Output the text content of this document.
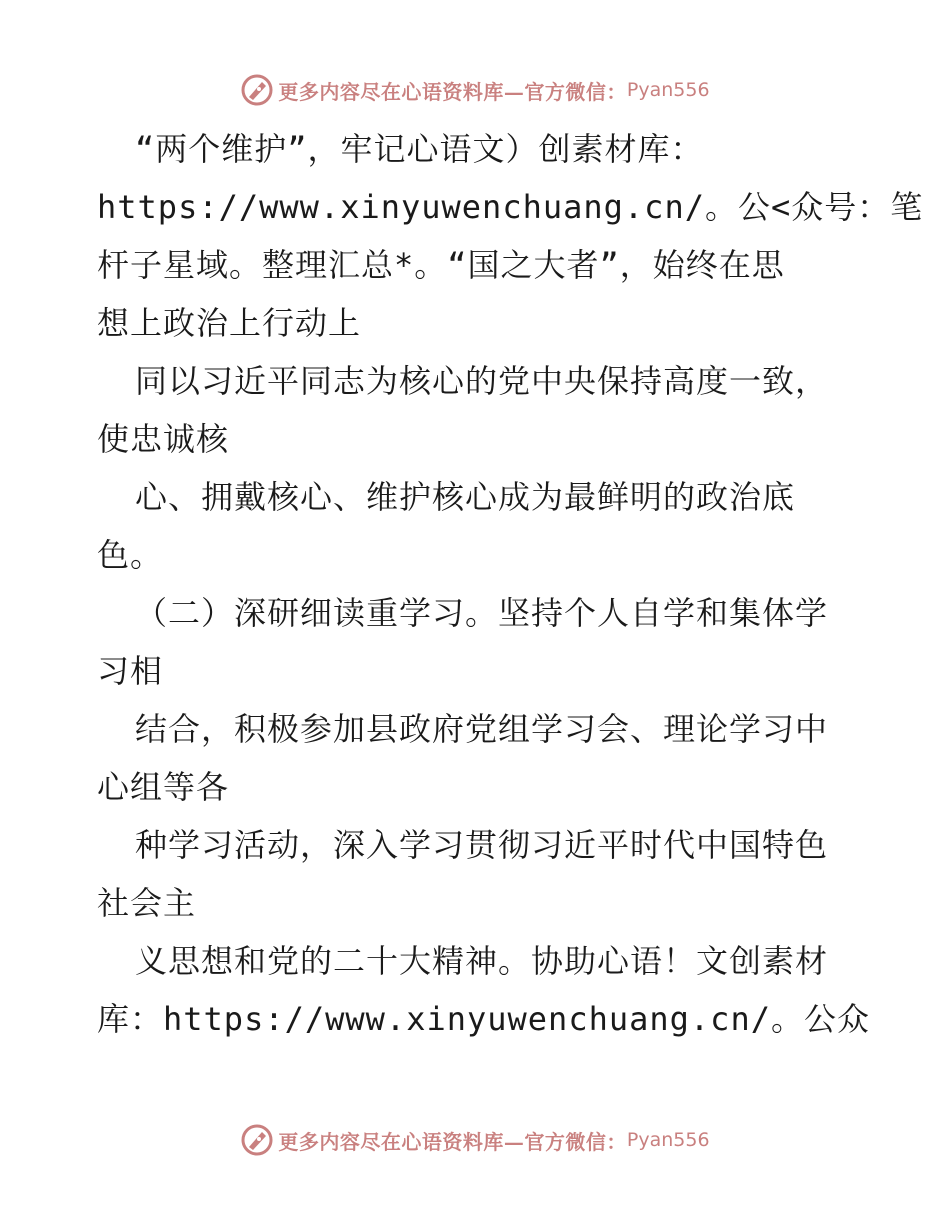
更多内容尽在心语资料库—官方微信： Pyan556
“两个维护”，牢记心语文）创素材库：
https://www.xinyuwenchuang.cn/。公<众号：笔
杆子星域。整理汇总*。“国之大者”，始终在思
想上政治上行动上
同以习近平同志为核心的党中央保持高度一致，
使忠诚核
心、拥戴核心、维护核心成为最鲜明的政治底
色。
（二）深研细读重学习。坚持个人自学和集体学
习相
结合，积极参加县政府党组学习会、理论学习中
心组等各
种学习活动，深入学习贯彻习近平时代中国特色
社会主
义思想和党的二十大精神。协助心语！文创素材
库：https://www.xinyuwenchuang.cn/。公众
更多内容尽在心语资料库—官方微信： Pyan556
